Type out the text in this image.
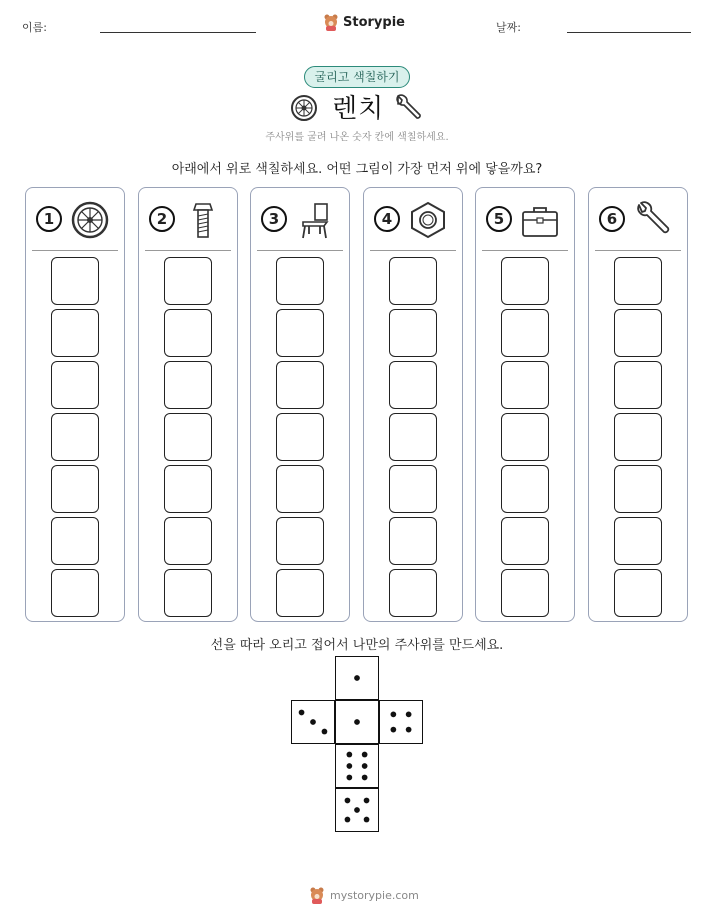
이름:	Storypie	날짜:
굴리고 색칠하기
렌치
주사위를 굴려 나온 숫자 칸에 색칠하세요.
아래에서 위로 색칠하세요. 어떤 그림이 가장 먼저 위에 닿을까요?
1	2	3	4	5	6
선을 따라 오리고 접어서 나만의 주사위를 만드세요.
mystorypie.com
